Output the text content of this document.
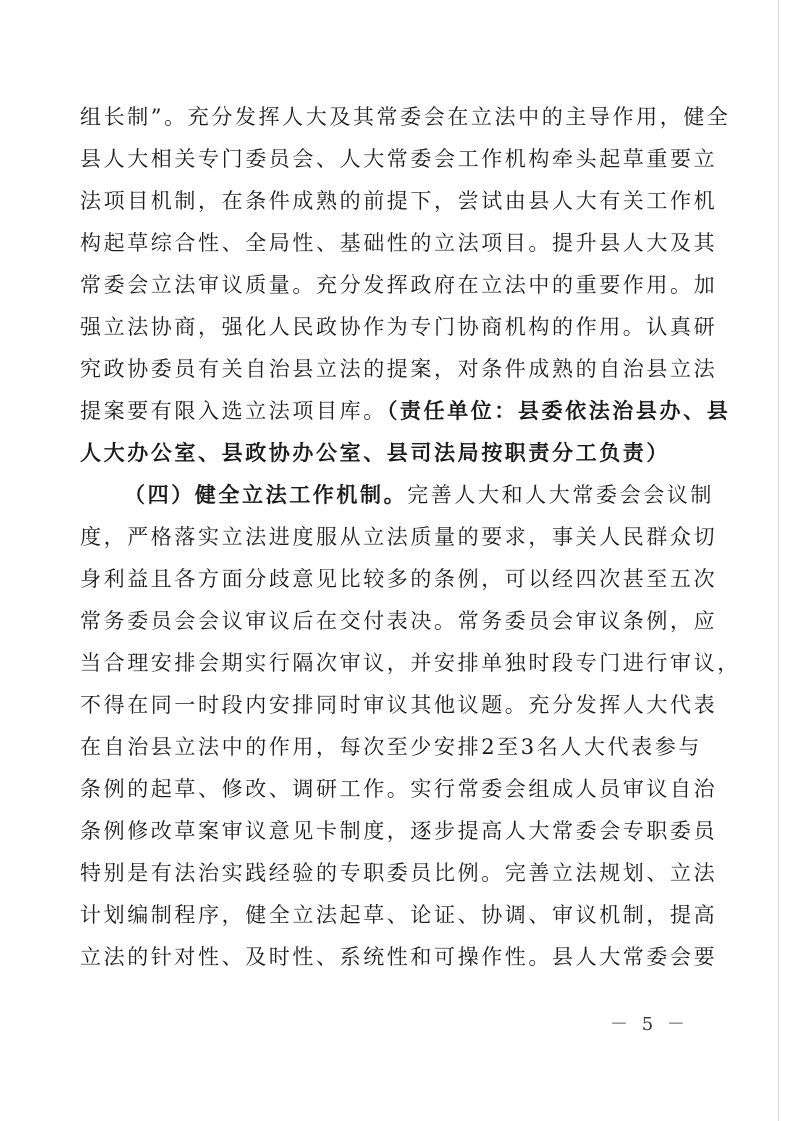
组长制”。充分发挥人大及其常委会在立法中的主导作用，健全
县人大相关专门委员会、人大常委会工作机构牵头起草重要立
法项目机制，在条件成熟的前提下，尝试由县人大有关工作机
构起草综合性、全局性、基础性的立法项目。提升县人大及其
常委会立法审议质量。充分发挥政府在立法中的重要作用。加
强立法协商，强化人民政协作为专门协商机构的作用。认真研
究政协委员有关自治县立法的提案，对条件成熟的自治县立法
提案要有限入选立法项目库。（责任单位：县委依法治县办、县
人大办公室、县政协办公室、县司法局按职责分工负责）
（四）健全立法工作机制。完善人大和人大常委会会议制
度，严格落实立法进度服从立法质量的要求，事关人民群众切
身利益且各方面分歧意见比较多的条例，可以经四次甚至五次
常务委员会会议审议后在交付表决。常务委员会审议条例，应
当合理安排会期实行隔次审议，并安排单独时段专门进行审议，
不得在同一时段内安排同时审议其他议题。充分发挥人大代表
在自治县立法中的作用，每次至少安排2至3名人大代表参与
条例的起草、修改、调研工作。实行常委会组成人员审议自治
条例修改草案审议意见卡制度，逐步提高人大常委会专职委员
特别是有法治实践经验的专职委员比例。完善立法规划、立法
计划编制程序，健全立法起草、论证、协调、审议机制，提高
立法的针对性、及时性、系统性和可操作性。县人大常委会要
－ 5 －
